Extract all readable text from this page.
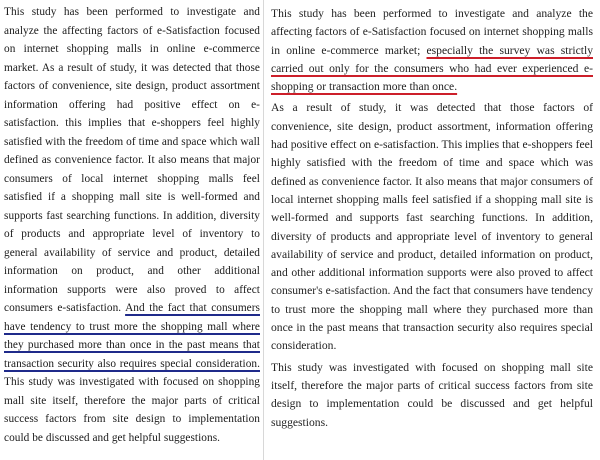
This study has been performed to investigate and analyze the affecting factors of e-Satisfaction focused on internet shopping malls in online e-commerce market. As a result of study, it was detected that those factors of convenience, site design, product assortment information offering had positive effect on e-satisfaction. this implies that e-shoppers feel highly satisfied with the freedom of time and space which wall defined as convenience factor. It also means that major consumers of local internet shopping malls feel satisfied if a shopping mall site is well-formed and supports fast searching functions. In addition, diversity of products and appropriate level of inventory to general availability of service and product, detailed information on product, and other additional information supports were also proved to affect consumers e-satisfaction. And the fact that consumers have tendency to trust more the shopping mall where they purchased more than once in the past means that transaction security also requires special consideration. This study was investigated with focused on shopping mall site itself, therefore the major parts of critical success factors from site design to implementation could be discussed and get helpful suggestions.

This study has been performed to investigate and analyze the affecting factors of e-Satisfaction focused on internet shopping malls in online e-commerce market; especially the survey was strictly carried out only for the consumers who had ever experienced e-shopping or transaction more than once.

As a result of study, it was detected that those factors of convenience, site design, product assortment, information offering had positive effect on e-satisfaction. This implies that e-shoppers feel highly satisfied with the freedom of time and space which was defined as convenience factor. It also means that major consumers of local internet shopping malls feel satisfied if a shopping mall site is well-formed and supports fast searching functions. In addition, diversity of products and appropriate level of inventory to general availability of service and product, detailed information on product, and other additional information supports were also proved to affect consumer's e-satisfaction. And the fact that consumers have tendency to trust more the shopping mall where they purchased more than once in the past means that transaction security also requires special consideration.

This study was investigated with focused on shopping mall site itself, therefore the major parts of critical success factors from site design to implementation could be discussed and get helpful suggestions.
